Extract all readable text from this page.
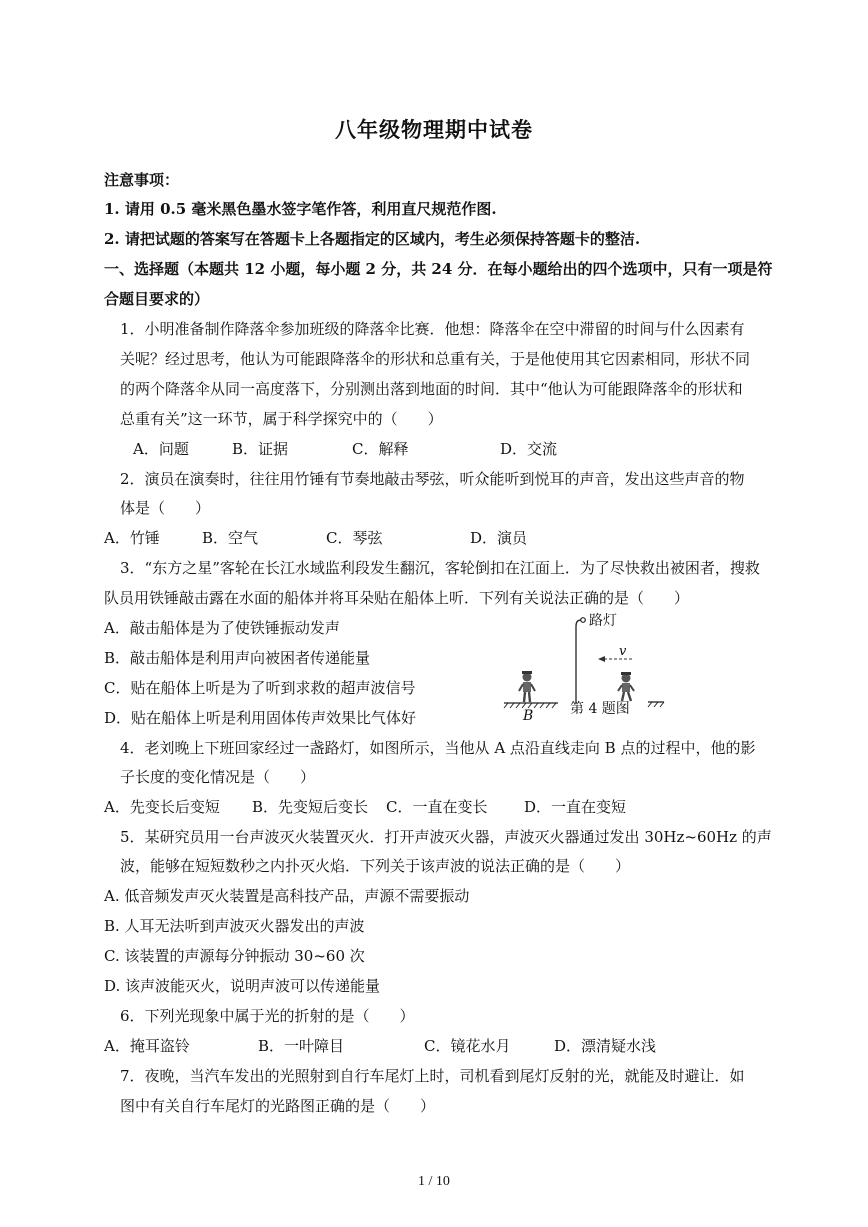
八年级物理期中试卷
注意事项：
1. 请用 0.5 毫米黑色墨水签字笔作答，利用直尺规范作图.
2. 请把试题的答案写在答题卡上各题指定的区域内，考生必须保持答题卡的整洁.
一、选择题（本题共 12 小题，每小题 2 分，共 24 分．在每小题给出的四个选项中，只有一项是符
合题目要求的）
1．小明准备制作降落伞参加班级的降落伞比赛．他想：降落伞在空中滞留的时间与什么因素有
关呢？经过思考，他认为可能跟降落伞的形状和总重有关，于是他使用其它因素相同，形状不同
的两个降落伞从同一高度落下，分别测出落到地面的时间．其中“他认为可能跟降落伞的形状和
总重有关”这一环节，属于科学探究中的（　　）
A．问题	B．证据	C．解释	D．交流
2．演员在演奏时，往往用竹锤有节奏地敲击琴弦，听众能听到悦耳的声音，发出这些声音的物
体是（　　）
A．竹锤	B．空气	C．琴弦	D．演员
3．“东方之星”客轮在长江水域监利段发生翻沉，客轮倒扣在江面上．为了尽快救出被困者，搜救
队员用铁锤敲击露在水面的船体并将耳朵贴在船体上听．下列有关说法正确的是（　　）
A．敲击船体是为了使铁锤振动发声
B．敲击船体是利用声向被困者传递能量
C．贴在船体上听是为了听到求救的超声波信号
D．贴在船体上听是利用固体传声效果比气体好
路灯
B
v
第 4 题图
4．老刘晚上下班回家经过一盏路灯，如图所示，当他从 A 点沿直线走向 B 点的过程中，他的影
子长度的变化情况是（　　）
A．先变长后变短 B．先变短后变长 C．一直在变长 D．一直在变短
5．某研究员用一台声波灭火装置灭火．打开声波灭火器，声波灭火器通过发出 30Hz~60Hz 的声
波，能够在短短数秒之内扑灭火焰．下列关于该声波的说法正确的是（　　）
A. 低音频发声灭火装置是高科技产品，声源不需要振动
B. 人耳无法听到声波灭火器发出的声波
C. 该装置的声源每分钟振动 30~60 次
D. 该声波能灭火，说明声波可以传递能量
6．下列光现象中属于光的折射的是（　　）
A．掩耳盗铃	B．一叶障目	C．镜花水月	D．漂清疑水浅
7．夜晚，当汽车发出的光照射到自行车尾灯上时，司机看到尾灯反射的光，就能及时避让．如
图中有关自行车尾灯的光路图正确的是（　　）
1 / 10
